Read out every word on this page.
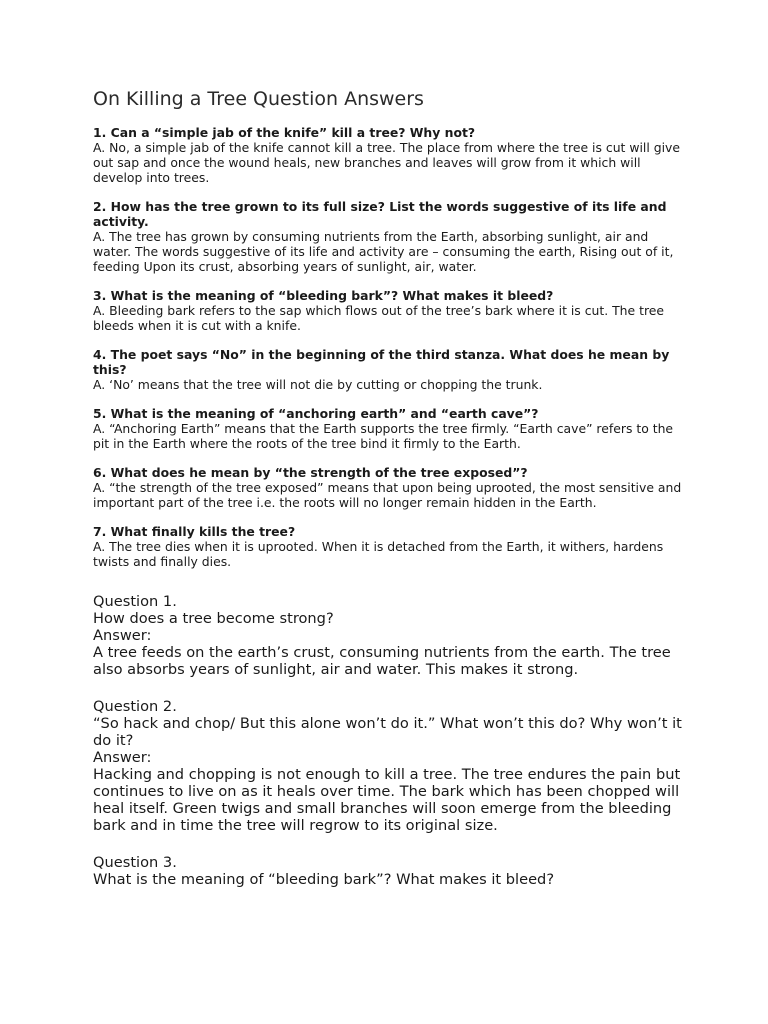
On Killing a Tree Question Answers

1. Can a “simple jab of the knife” kill a tree? Why not?

A. No, a simple jab of the knife cannot kill a tree. The place from where the tree is cut will give out sap and once the wound heals, new branches and leaves will grow from it which will develop into trees.

2. How has the tree grown to its full size? List the words suggestive of its life and activity.

A. The tree has grown by consuming nutrients from the Earth, absorbing sunlight, air and water. The words suggestive of its life and activity are – consuming the earth, Rising out of it, feeding Upon its crust, absorbing years of sunlight, air, water.

3. What is the meaning of “bleeding bark”? What makes it bleed?

A. Bleeding bark refers to the sap which flows out of the tree’s bark where it is cut. The tree bleeds when it is cut with a knife.

4. The poet says “No” in the beginning of the third stanza. What does he mean by this?

A. ‘No’ means that the tree will not die by cutting or chopping the trunk.

5. What is the meaning of “anchoring earth” and “earth cave”?

A. “Anchoring Earth” means that the Earth supports the tree firmly. “Earth cave” refers to the pit in the Earth where the roots of the tree bind it firmly to the Earth.

6. What does he mean by “the strength of the tree exposed”?

A. “the strength of the tree exposed” means that upon being uprooted, the most sensitive and important part of the tree i.e. the roots will no longer remain hidden in the Earth.

7. What finally kills the tree?

A. The tree dies when it is uprooted. When it is detached from the Earth, it withers, hardens twists and finally dies.

Question 1.

How does a tree become strong?

Answer:

A tree feeds on the earth’s crust, consuming nutrients from the earth. The tree also absorbs years of sunlight, air and water. This makes it strong.

Question 2.

“So hack and chop/ But this alone won’t do it.” What won’t this do? Why won’t it do it?

Answer:

Hacking and chopping is not enough to kill a tree. The tree endures the pain but continues to live on as it heals over time. The bark which has been chopped will heal itself. Green twigs and small branches will soon emerge from the bleeding bark and in time the tree will regrow to its original size.

Question 3.

What is the meaning of “bleeding bark”? What makes it bleed?
